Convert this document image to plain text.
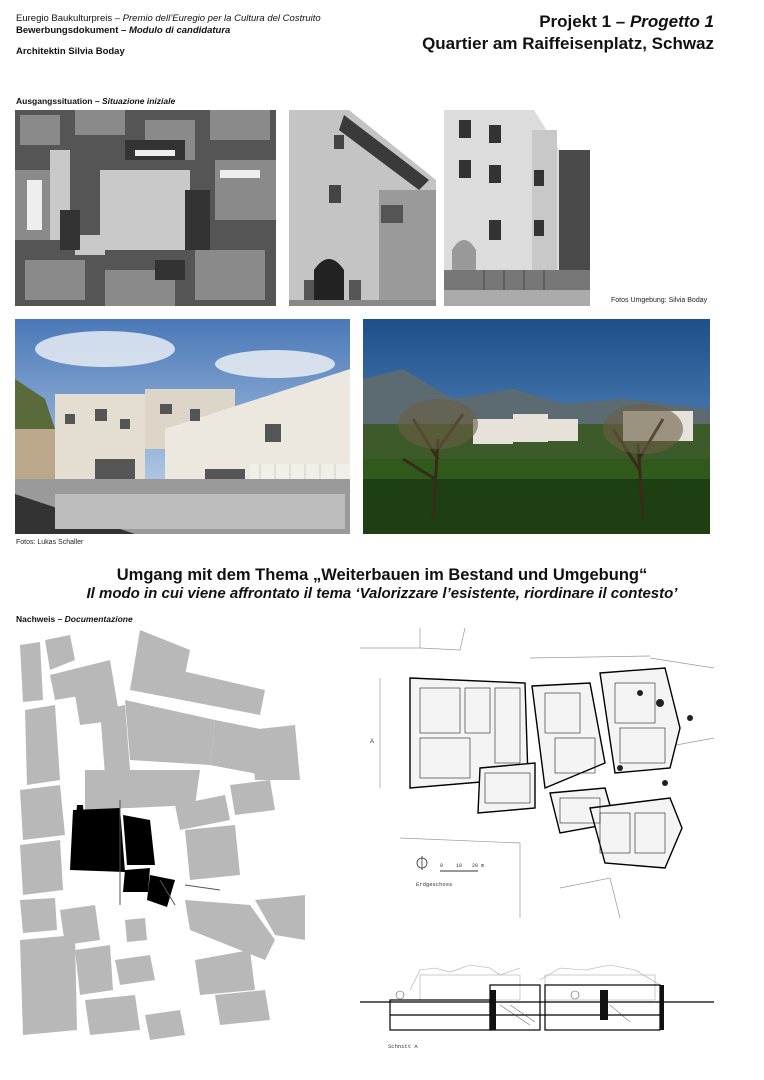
Euregio Baukulturpreis – Premio dell’Euregio per la Cultura del Costruito
Bewerbungsdokument – Modulo di candidatura
Architektin Silvia Boday
Projekt 1 – Progetto 1
Quartier am Raiffeisenplatz, Schwaz
Ausgangssituation – Situazione iniziale
Fotos Umgebung: Silvia Boday
Fotos: Lukas Schaller
Umgang mit dem Thema „Weiterbauen im Bestand und Umgebung“
Il modo in cui viene affrontato il tema ‘Valorizzare l’esistente, riordinare il contesto’
Nachweis – Documentazione
A
0	10 20 m
Erdgeschoss
Schnitt A
